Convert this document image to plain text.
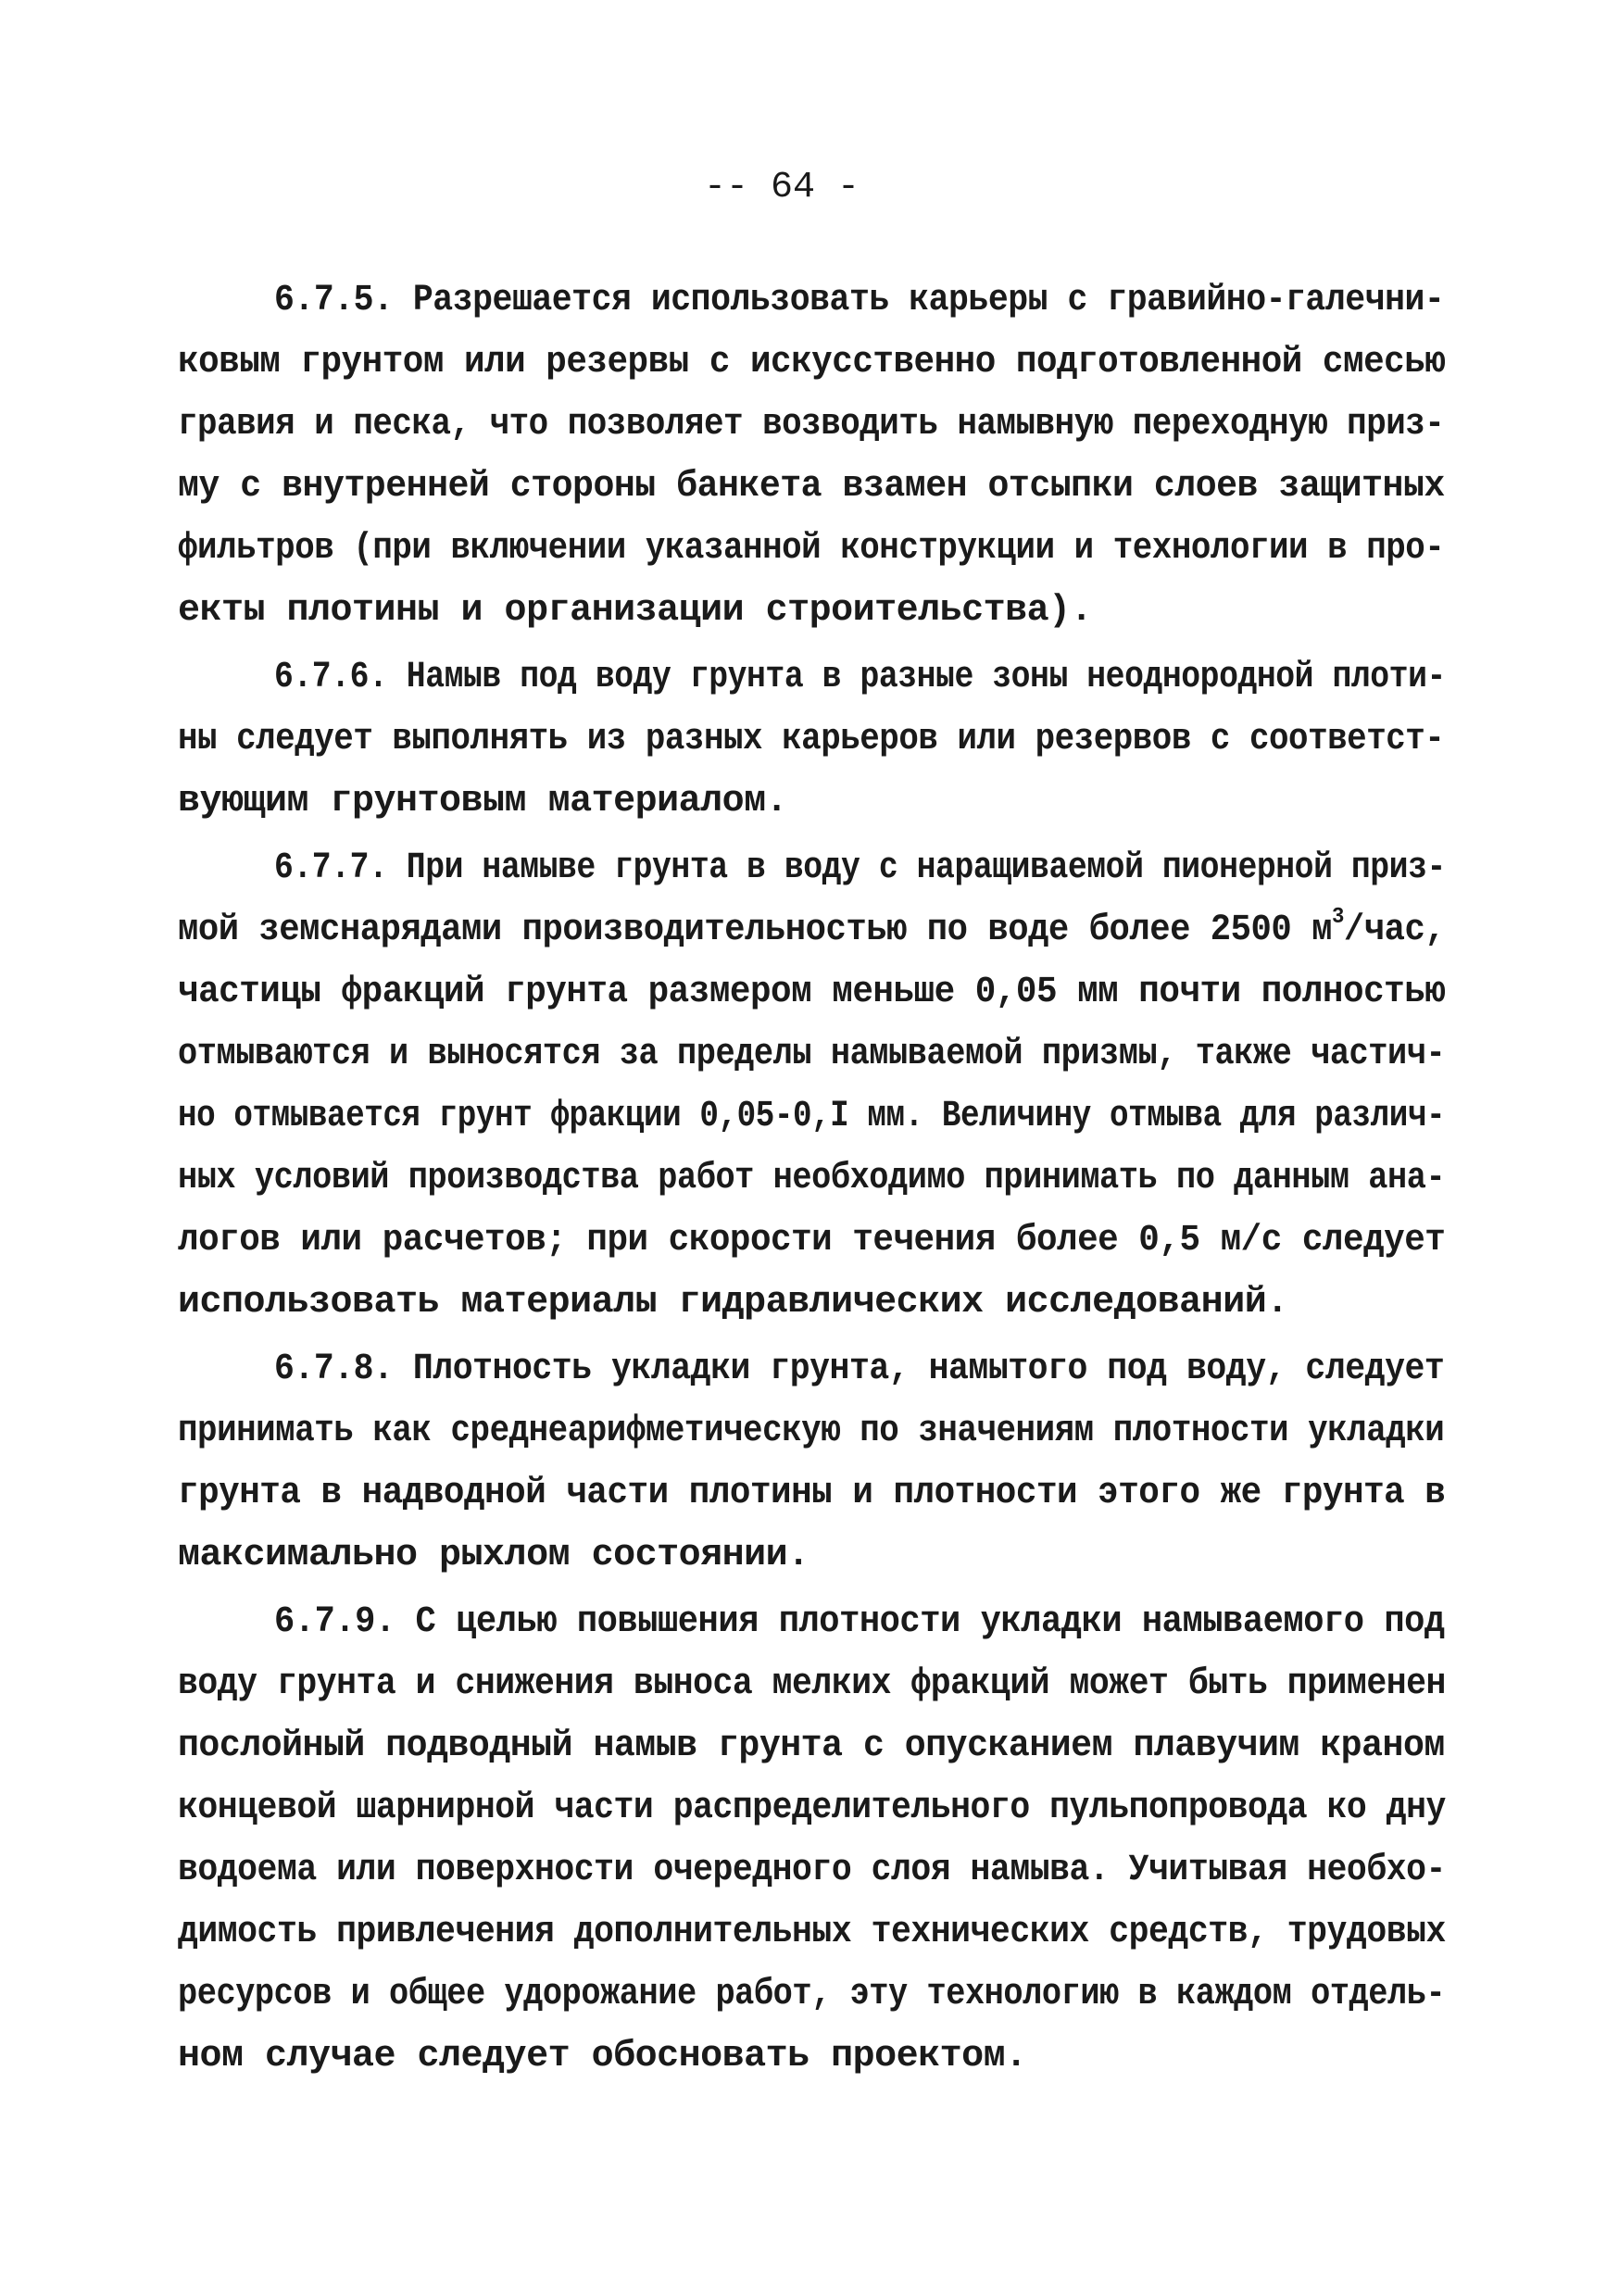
-- 64 -
6.7.5. Разрешается использовать карьеры с гравийно-галечни-
ковым грунтом или резервы с искусственно подготовленной смесью
гравия и песка, что позволяет возводить намывную переходную приз-
му с внутренней стороны банкета взамен отсыпки слоев защитных
фильтров (при включении указанной конструкции и технологии в про-
екты плотины и организации строительства).
6.7.6. Намыв под воду грунта в разные зоны неоднородной плоти-
ны следует выполнять из разных карьеров или резервов с соответст-
вующим грунтовым материалом.
6.7.7. При намыве грунта в воду с наращиваемой пионерной приз-
мой земснарядами производительностью по воде более 2500 $м^3$/час,
частицы фракций грунта размером меньше 0,05 мм почти полностью
отмываются и выносятся за пределы намываемой призмы, также частич-
но отмывается грунт фракции 0,05-0,I мм. Величину отмыва для различ-
ных условий производства работ необходимо принимать по данным ана-
логов или расчетов; при скорости течения более 0,5 м/с следует
использовать материалы гидравлических исследований.
6.7.8. Плотность укладки грунта, намытого под воду, следует
принимать как среднеарифметическую по значениям плотности укладки
грунта в надводной части плотины и плотности этого же грунта в
максимально рыхлом состоянии.
6.7.9. С целью повышения плотности укладки намываемого под
воду грунта и снижения выноса мелких фракций может быть применен
послойный подводный намыв грунта с опусканием плавучим краном
концевой шарнирной части распределительного пульпопровода ко дну
водоема или поверхности очередного слоя намыва. Учитывая необхо-
димость привлечения дополнительных технических средств, трудовых
ресурсов и общее удорожание работ, эту технологию в каждом отдель-
ном случае следует обосновать проектом.
